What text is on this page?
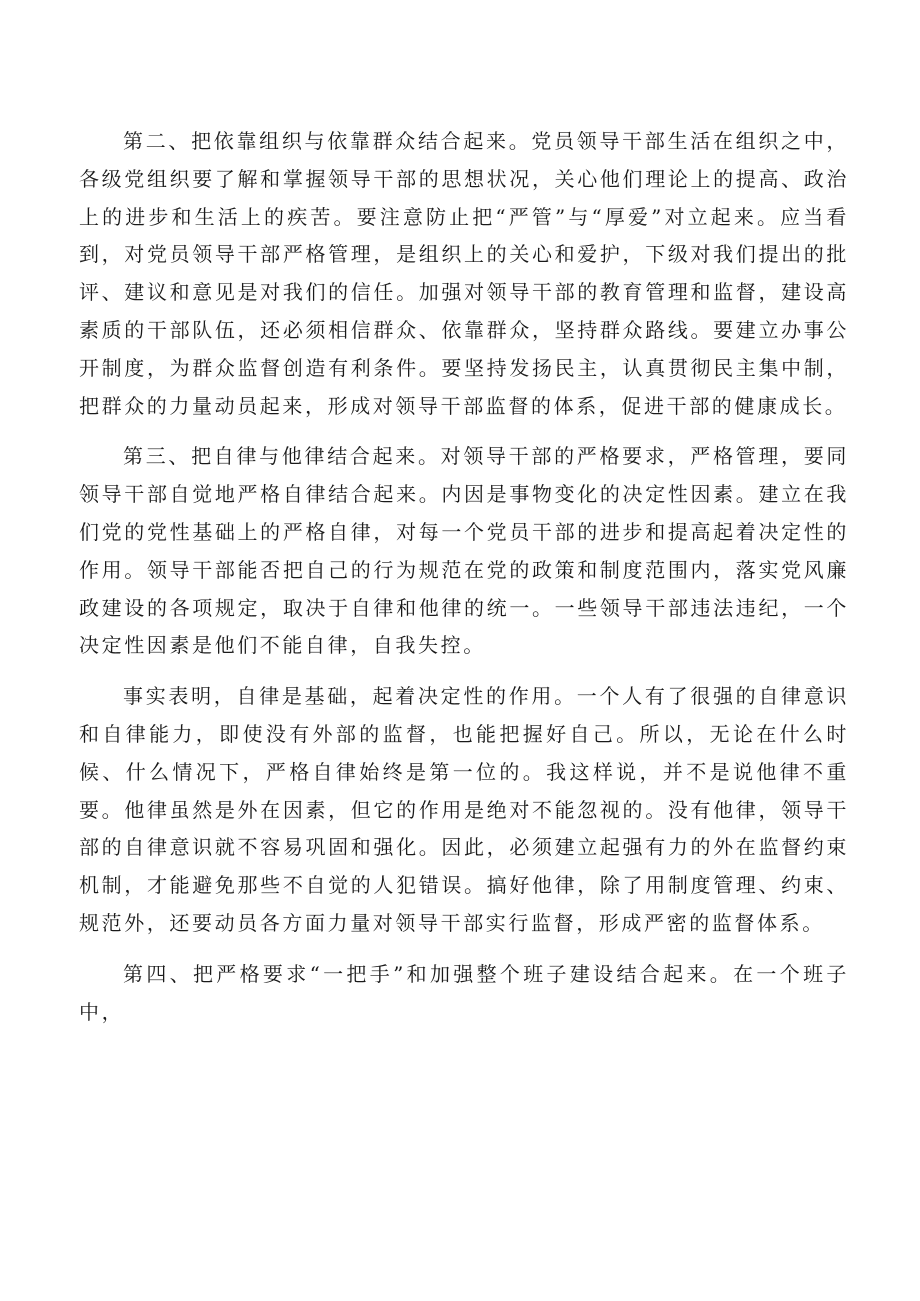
第二、把依靠组织与依靠群众结合起来。党员领导干部生活在组织之中，各级党组织要了解和掌握领导干部的思想状况，关心他们理论上的提高、政治上的进步和生活上的疾苦。要注意防止把“严管”与“厚爱”对立起来。应当看到，对党员领导干部严格管理，是组织上的关心和爱护，下级对我们提出的批评、建议和意见是对我们的信任。加强对领导干部的教育管理和监督，建设高素质的干部队伍，还必须相信群众、依靠群众，坚持群众路线。要建立办事公开制度，为群众监督创造有利条件。要坚持发扬民主，认真贯彻民主集中制，把群众的力量动员起来，形成对领导干部监督的体系，促进干部的健康成长。

第三、把自律与他律结合起来。对领导干部的严格要求，严格管理，要同领导干部自觉地严格自律结合起来。内因是事物变化的决定性因素。建立在我们党的党性基础上的严格自律，对每一个党员干部的进步和提高起着决定性的作用。领导干部能否把自己的行为规范在党的政策和制度范围内，落实党风廉政建设的各项规定，取决于自律和他律的统一。一些领导干部违法违纪，一个决定性因素是他们不能自律，自我失控。

事实表明，自律是基础，起着决定性的作用。一个人有了很强的自律意识和自律能力，即使没有外部的监督，也能把握好自己。所以，无论在什么时候、什么情况下，严格自律始终是第一位的。我这样说，并不是说他律不重要。他律虽然是外在因素，但它的作用是绝对不能忽视的。没有他律，领导干部的自律意识就不容易巩固和强化。因此，必须建立起强有力的外在监督约束机制，才能避免那些不自觉的人犯错误。搞好他律，除了用制度管理、约束、规范外，还要动员各方面力量对领导干部实行监督，形成严密的监督体系。

第四、把严格要求“一把手”和加强整个班子建设结合起来。在一个班子中，
